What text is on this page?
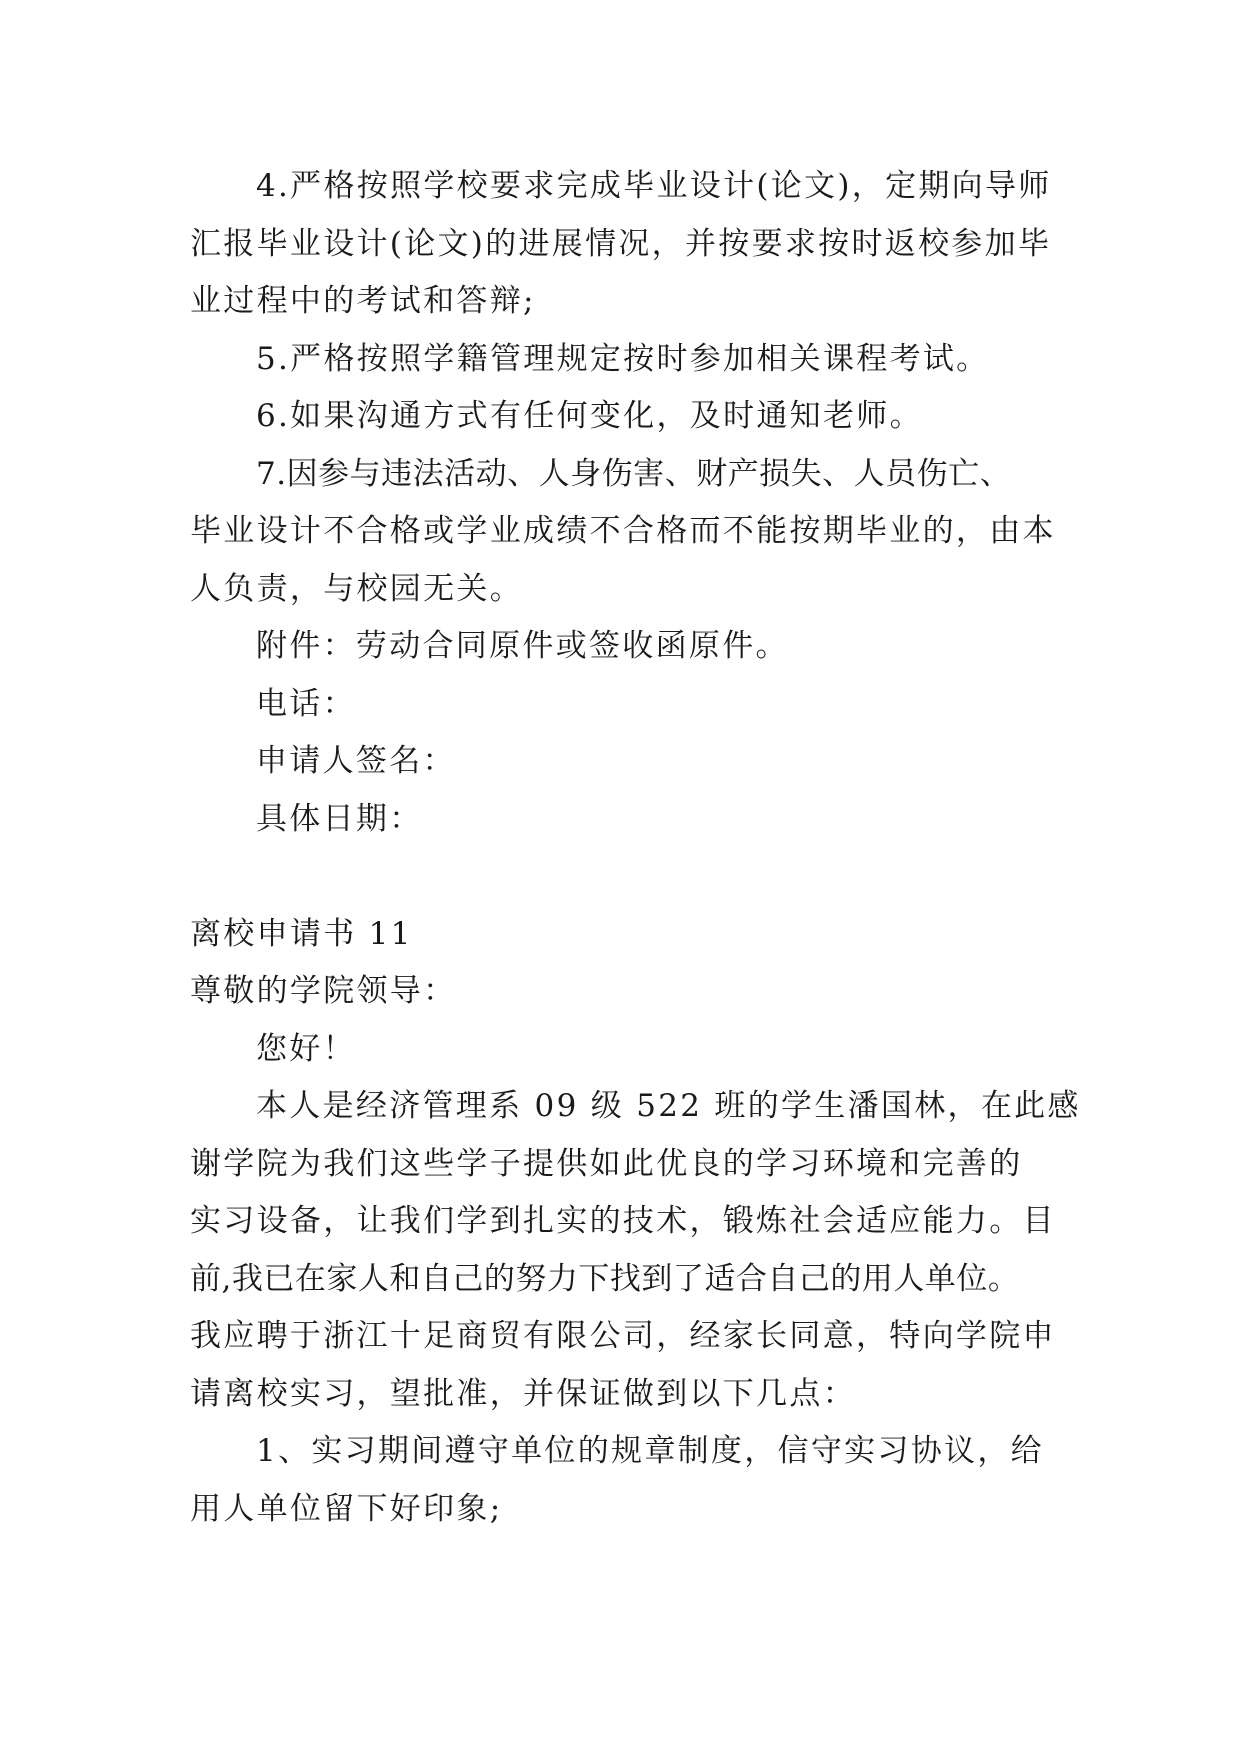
4.严格按照学校要求完成毕业设计(论文)，定期向导师
汇报毕业设计(论文)的进展情况，并按要求按时返校参加毕
业过程中的考试和答辩;
5.严格按照学籍管理规定按时参加相关课程考试。
6.如果沟通方式有任何变化，及时通知老师。
7.因参与违法活动、人身伤害、财产损失、人员伤亡、
毕业设计不合格或学业成绩不合格而不能按期毕业的，由本
人负责，与校园无关。
附件：劳动合同原件或签收函原件。
电话：
申请人签名：
具体日期：
离校申请书 11
尊敬的学院领导：
您好！
本人是经济管理系 09 级 522 班的学生潘国林，在此感
谢学院为我们这些学子提供如此优良的学习环境和完善的
实习设备，让我们学到扎实的技术，锻炼社会适应能力。目
前,我已在家人和自己的努力下找到了适合自己的用人单位。
我应聘于浙江十足商贸有限公司，经家长同意，特向学院申
请离校实习，望批准，并保证做到以下几点：
1、实习期间遵守单位的规章制度，信守实习协议，给
用人单位留下好印象;
